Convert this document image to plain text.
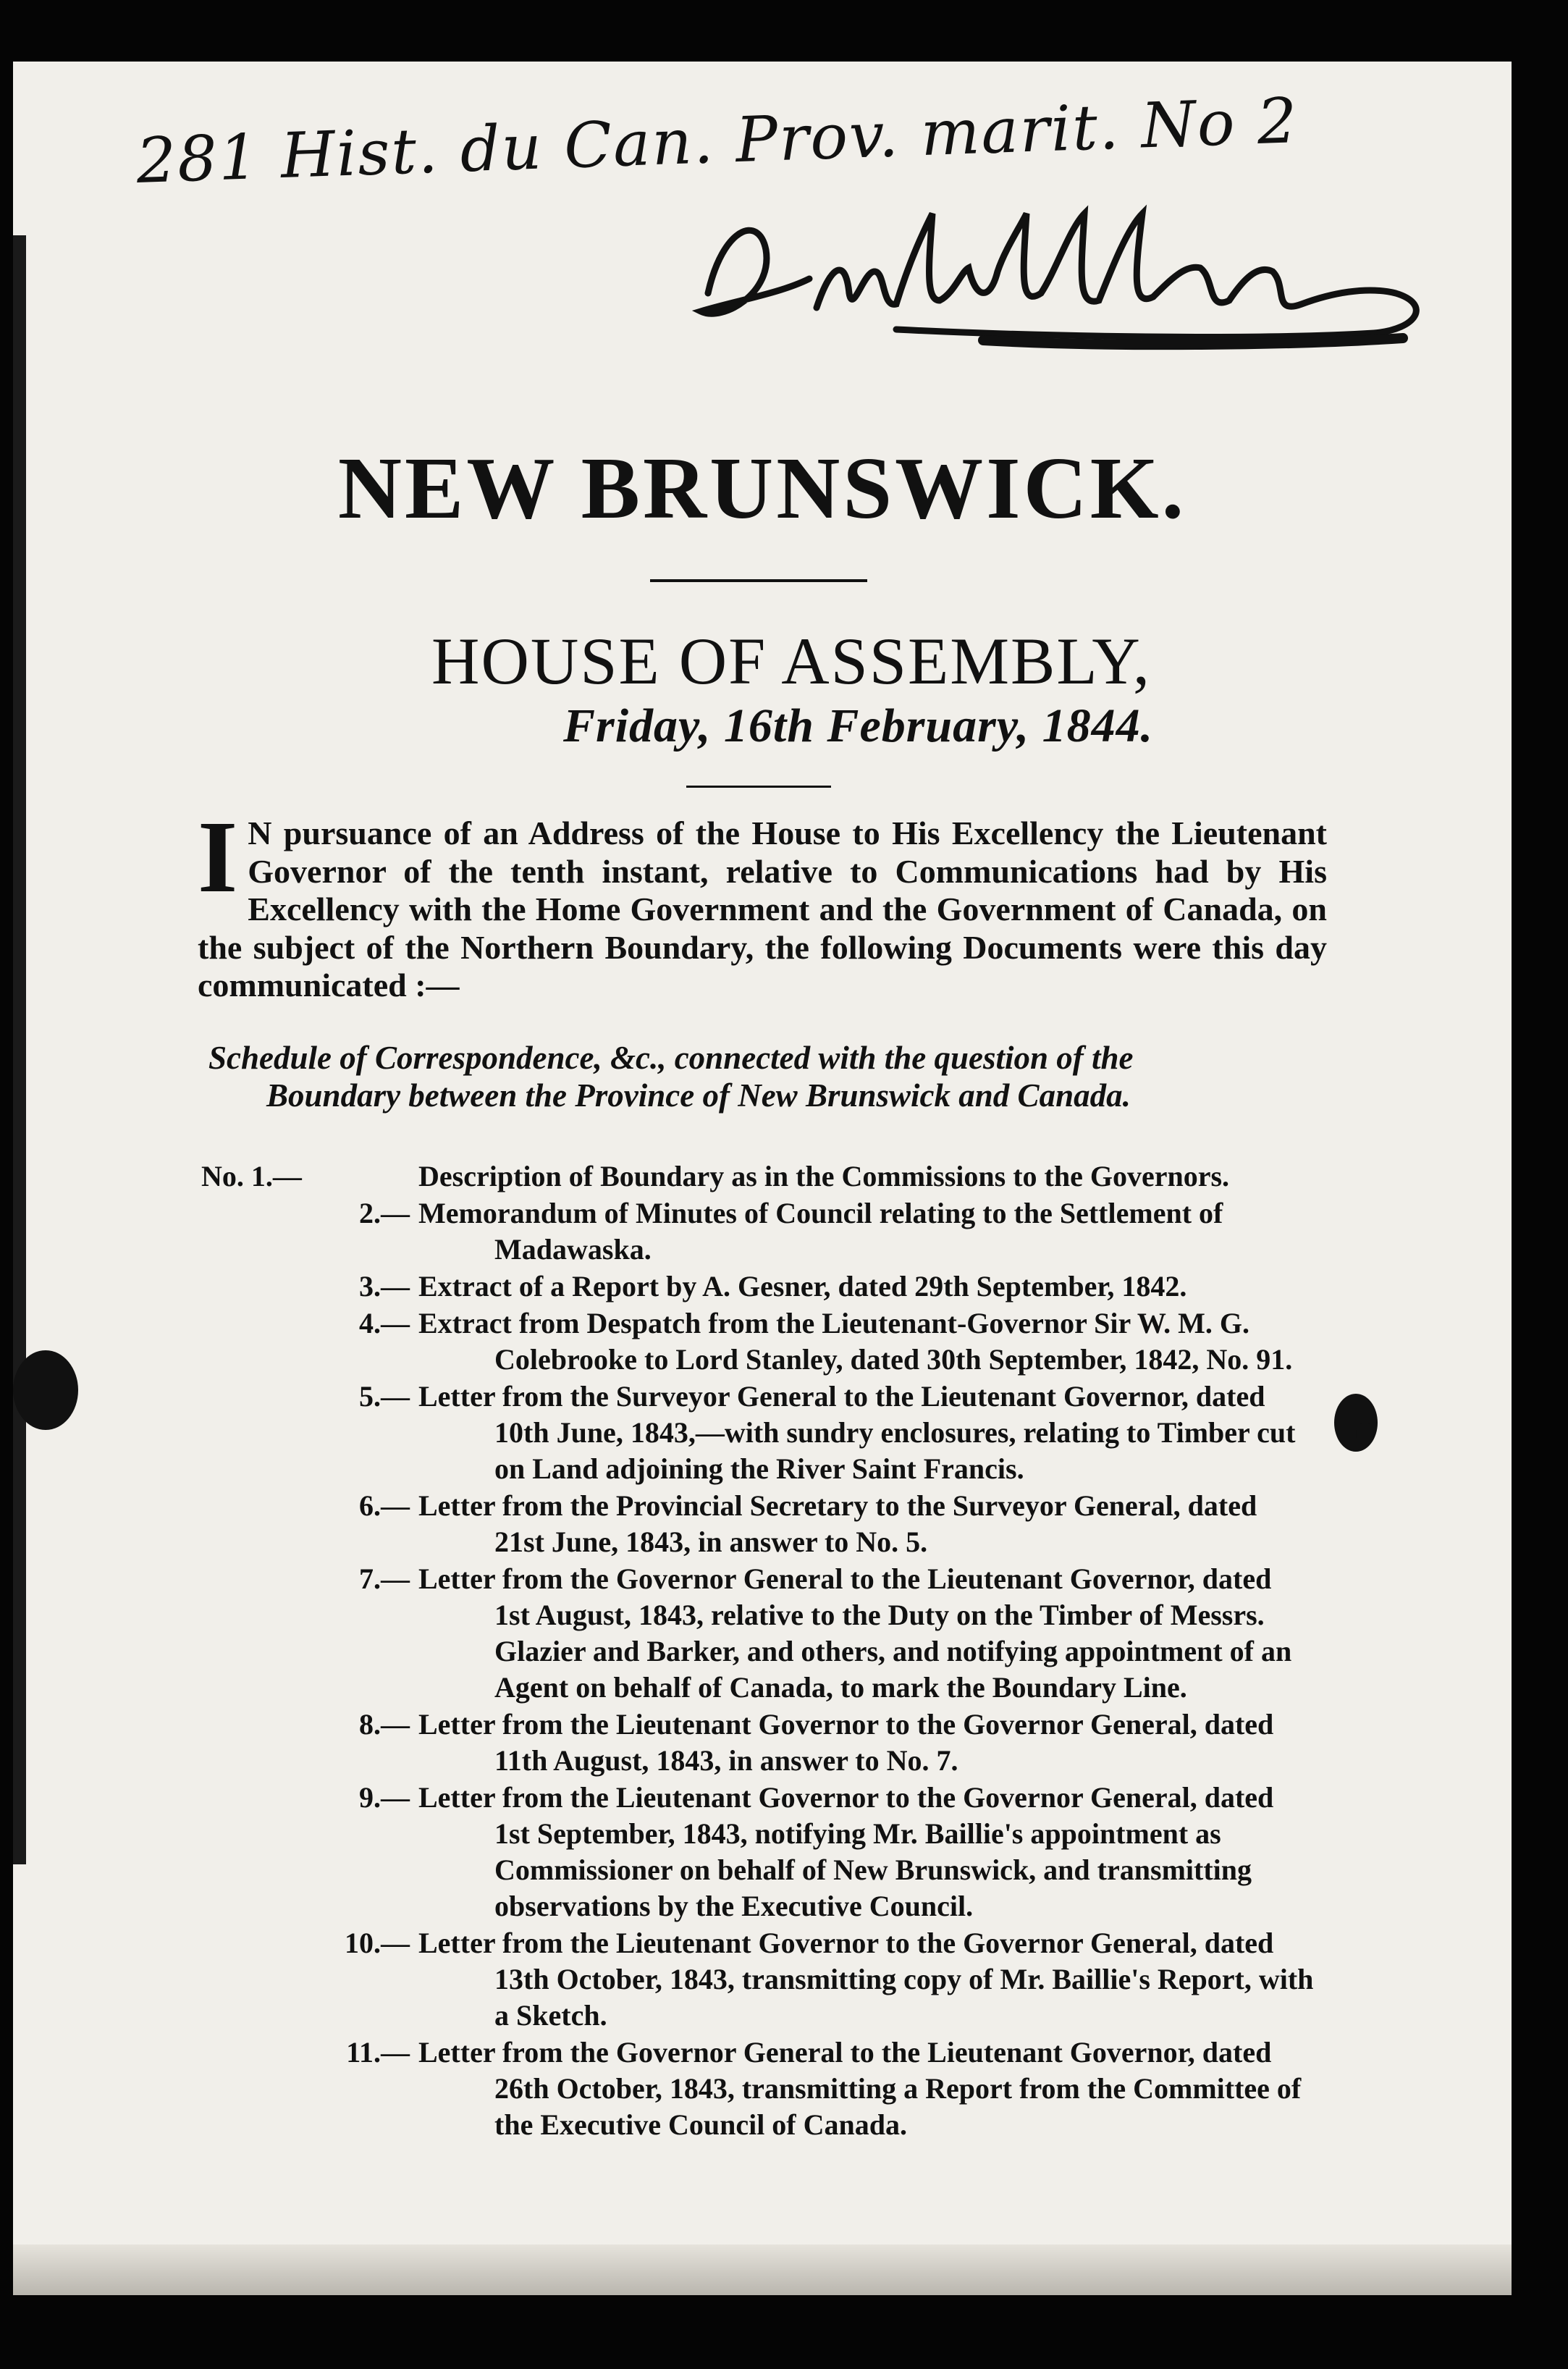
281 Hist. du Can. Prov. marit. No 2
NEW BRUNSWICK.
HOUSE OF ASSEMBLY,
Friday, 16th February, 1844.
I N pursuance of an Address of the House to His Excellency the Lieutenant Governor of the tenth instant, relative to Communications had by His Excellency with the Home Government and the Government of Canada, on the subject of the Northern Boundary, the following Documents were this day communicated :—
Schedule of Correspondence, &c., connected with the question of the
Boundary between the Province of New Brunswick and Canada.
No. 1.—	Description of Boundary as in the Commissions to the Governors.
2.— Memorandum of Minutes of Council relating to the Settlement of
Madawaska.
3.— Extract of a Report by A. Gesner, dated 29th September, 1842.
4.— Extract from Despatch from the Lieutenant-Governor Sir W. M. G.
Colebrooke to Lord Stanley, dated 30th September, 1842, No. 91.
5.— Letter from the Surveyor General to the Lieutenant Governor, dated
10th June, 1843,—with sundry enclosures, relating to Timber cut on Land adjoining the River Saint Francis.
6.— Letter from the Provincial Secretary to the Surveyor General, dated
21st June, 1843, in answer to No. 5.
7.— Letter from the Governor General to the Lieutenant Governor, dated
1st August, 1843, relative to the Duty on the Timber of Messrs. Glazier and Barker, and others, and notifying appointment of an Agent on behalf of Canada, to mark the Boundary Line.
8.— Letter from the Lieutenant Governor to the Governor General, dated
11th August, 1843, in answer to No. 7.
9.— Letter from the Lieutenant Governor to the Governor General, dated
1st September, 1843, notifying Mr. Baillie's appointment as Commissioner on behalf of New Brunswick, and transmitting observations by the Executive Council.
10.— Letter from the Lieutenant Governor to the Governor General, dated
13th October, 1843, transmitting copy of Mr. Baillie's Report, with a Sketch.
11.— Letter from the Governor General to the Lieutenant Governor, dated
26th October, 1843, transmitting a Report from the Committee of the Executive Council of Canada.
